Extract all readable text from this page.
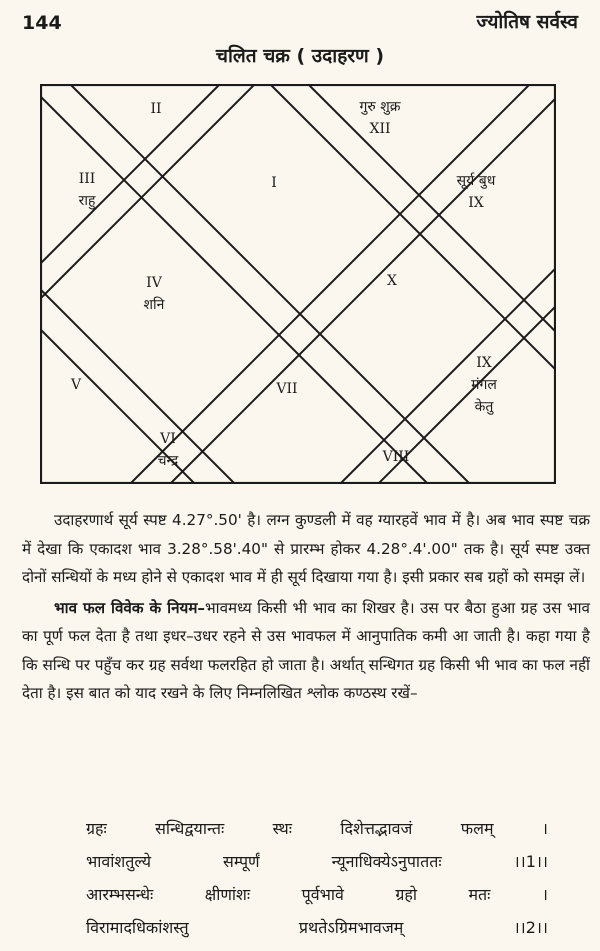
144	ज्योतिष सर्वस्व
चलित चक्र ( उदाहरण )
I
II
III
राहु
IV
शनि
V
VI
चन्द्र
VII
VIII
IX
मंगल
केतु
X
सूर्य बुध
IX
गुरु शुक्र
XII

उदाहरणार्थ सूर्य स्पष्ट 4.27°.50' है। लग्न कुण्डली में वह ग्यारहवें भाव में है। अब भाव स्पष्ट चक्र में देखा कि एकादश भाव 3.28°.58'.40" से प्रारम्भ होकर 4.28°.4'.00" तक है। सूर्य स्पष्ट उक्त दोनों सन्धियों के मध्य होने से एकादश भाव में ही सूर्य दिखाया गया है। इसी प्रकार सब ग्रहों को समझ लें।

भाव फल विवेक के नियम–भावमध्य किसी भी भाव का शिखर है। उस पर बैठा हुआ ग्रह उस भाव का पूर्ण फल देता है तथा इधर–उधर रहने से उस भावफल में आनुपातिक कमी आ जाती है। कहा गया है कि सन्धि पर पहुँच कर ग्रह सर्वथा फलरहित हो जाता है। अर्थात् सन्धिगत ग्रह किसी भी भाव का फल नहीं देता है। इस बात को याद रखने के लिए निम्नलिखित श्लोक कण्ठस्थ रखें–

ग्रहः	सन्धिद्वयान्तः	स्थः	दिशेत्तद्भावजं	फलम्	।
भावांशतुल्ये	सम्पूर्णं	न्यूनाधिक्येऽनुपाततः	।।1।।
आरम्भसन्धेः	क्षीणांशः	पूर्वभावे	ग्रहो	मतः	।
विरामादधिकांशस्तु	प्रथतेऽग्रिमभावजम्	।।2।।
